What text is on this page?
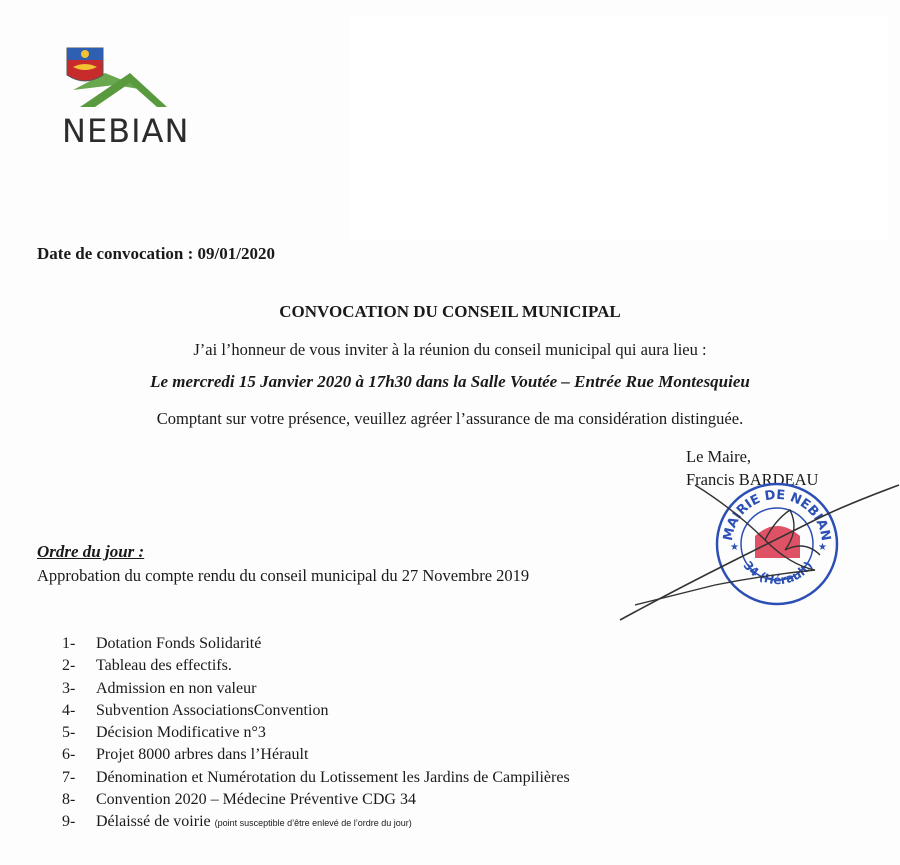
NEBIAN
Date de convocation : 09/01/2020
CONVOCATION DU CONSEIL MUNICIPAL
J’ai l’honneur de vous inviter à la réunion du conseil municipal qui aura lieu :
Le mercredi 15 Janvier 2020 à 17h30 dans la Salle Voutée – Entrée Rue Montesquieu
Comptant sur votre présence, veuillez agréer l’assurance de ma considération distinguée.
Le Maire,
Francis BARDEAU
MAIRIE DE NEBIAN
34 (Hérault)
★	★
Ordre du jour :
Approbation du compte rendu du conseil municipal du 27 Novembre 2019
1- Dotation Fonds Solidarité
2- Tableau des effectifs.
3- Admission en non valeur
4- Subvention AssociationsConvention
5- Décision Modificative n°3
6- Projet 8000 arbres dans l’Hérault
7- Dénomination et Numérotation du Lotissement les Jardins de Campilières
8- Convention 2020 – Médecine Préventive CDG 34
9- Délaissé de voirie (point susceptible d’être enlevé de l’ordre du jour)
